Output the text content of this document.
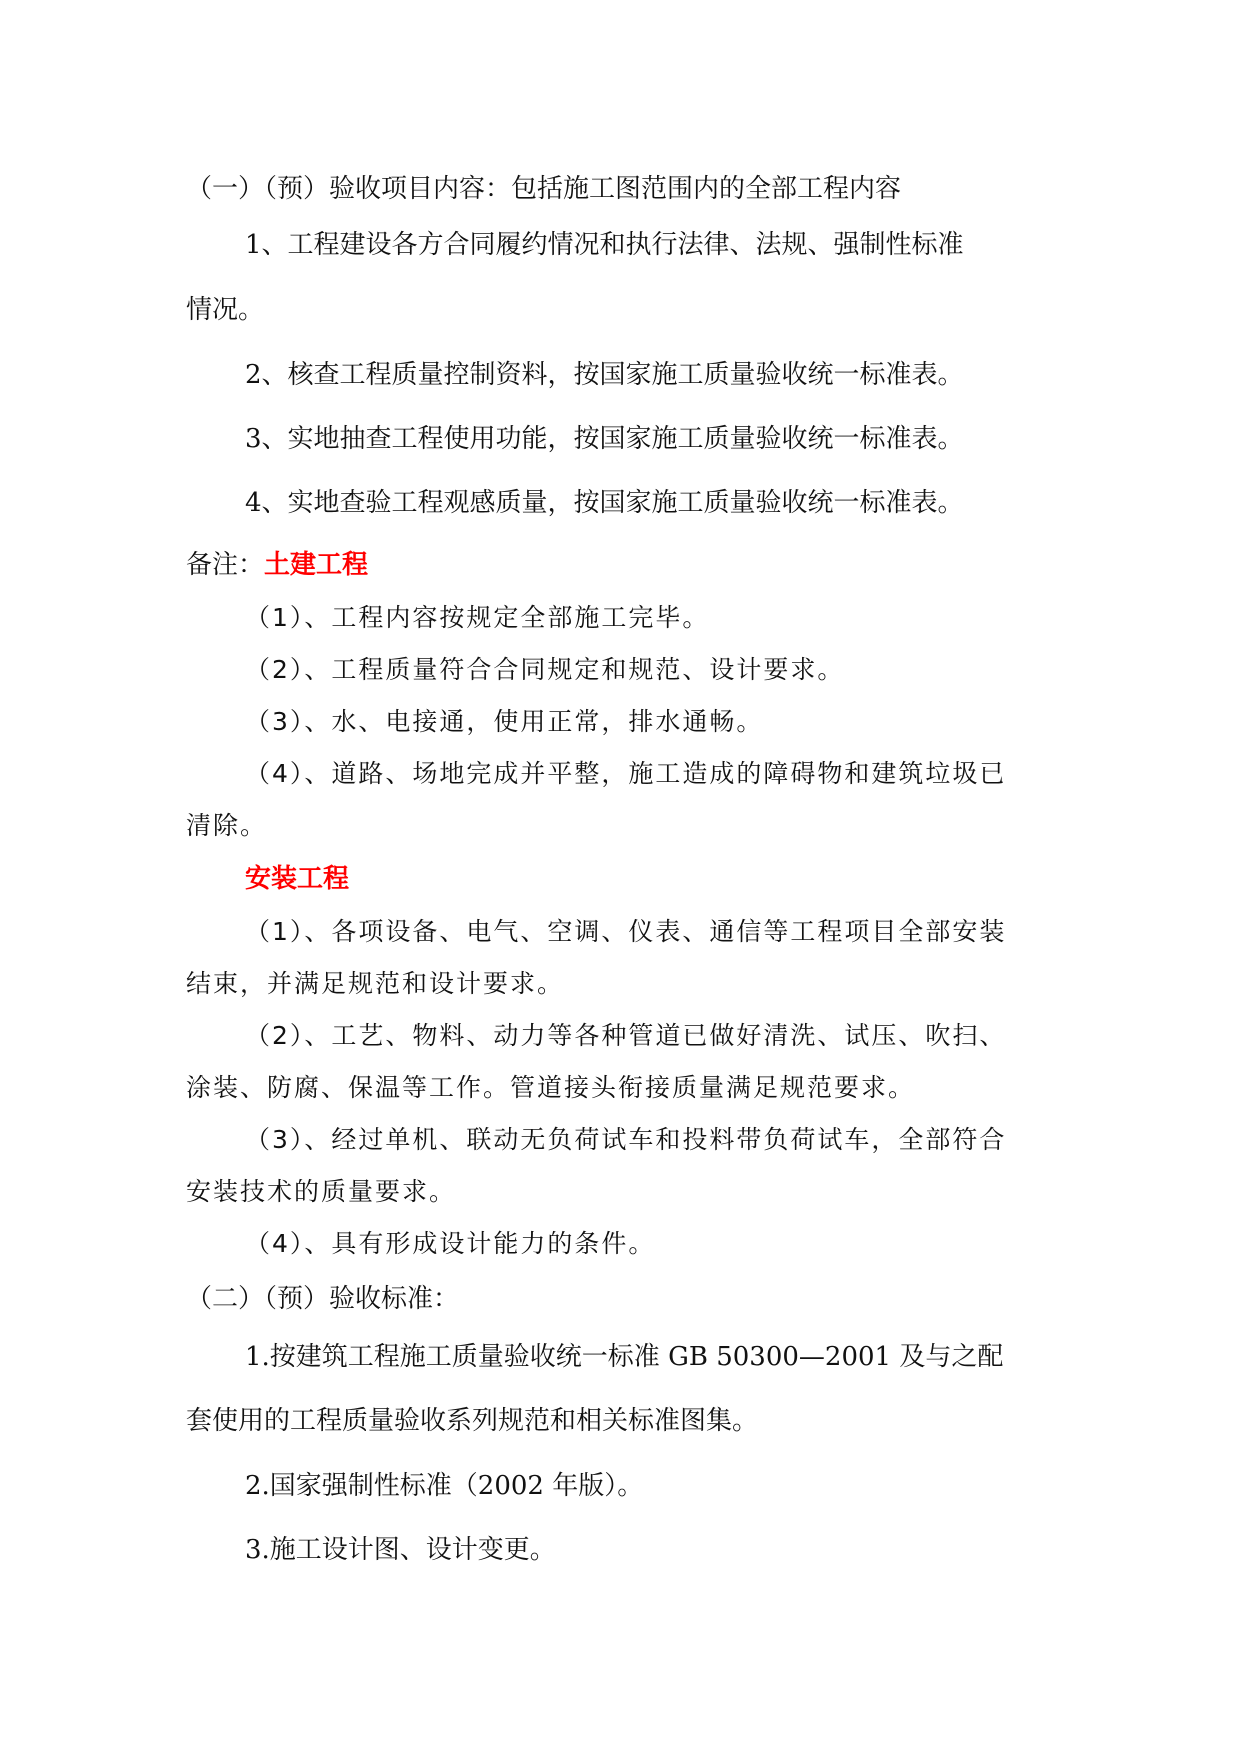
（一）（预）验收项目内容：包括施工图范围内的全部工程内容
1、工程建设各方合同履约情况和执行法律、法规、强制性标准
情况。
2、核查工程质量控制资料，按国家施工质量验收统一标准表。
3、实地抽查工程使用功能，按国家施工质量验收统一标准表。
4、实地查验工程观感质量，按国家施工质量验收统一标准表。
备注：土建工程
（1）、工程内容按规定全部施工完毕。
（2）、工程质量符合合同规定和规范、设计要求。
（3）、水、电接通，使用正常，排水通畅。
（4）、道路、场地完成并平整，施工造成的障碍物和建筑垃圾已
清除。
安装工程
（1）、各项设备、电气、空调、仪表、通信等工程项目全部安装
结束，并满足规范和设计要求。
（2）、工艺、物料、动力等各种管道已做好清洗、试压、吹扫、
涂装、防腐、保温等工作。管道接头衔接质量满足规范要求。
（3）、经过单机、联动无负荷试车和投料带负荷试车，全部符合
安装技术的质量要求。
（4）、具有形成设计能力的条件。
（二）（预）验收标准：
1.按建筑工程施工质量验收统一标准 GB 50300—2001 及与之配
套使用的工程质量验收系列规范和相关标准图集。
2.国家强制性标准（2002 年版）。
3.施工设计图、设计变更。
